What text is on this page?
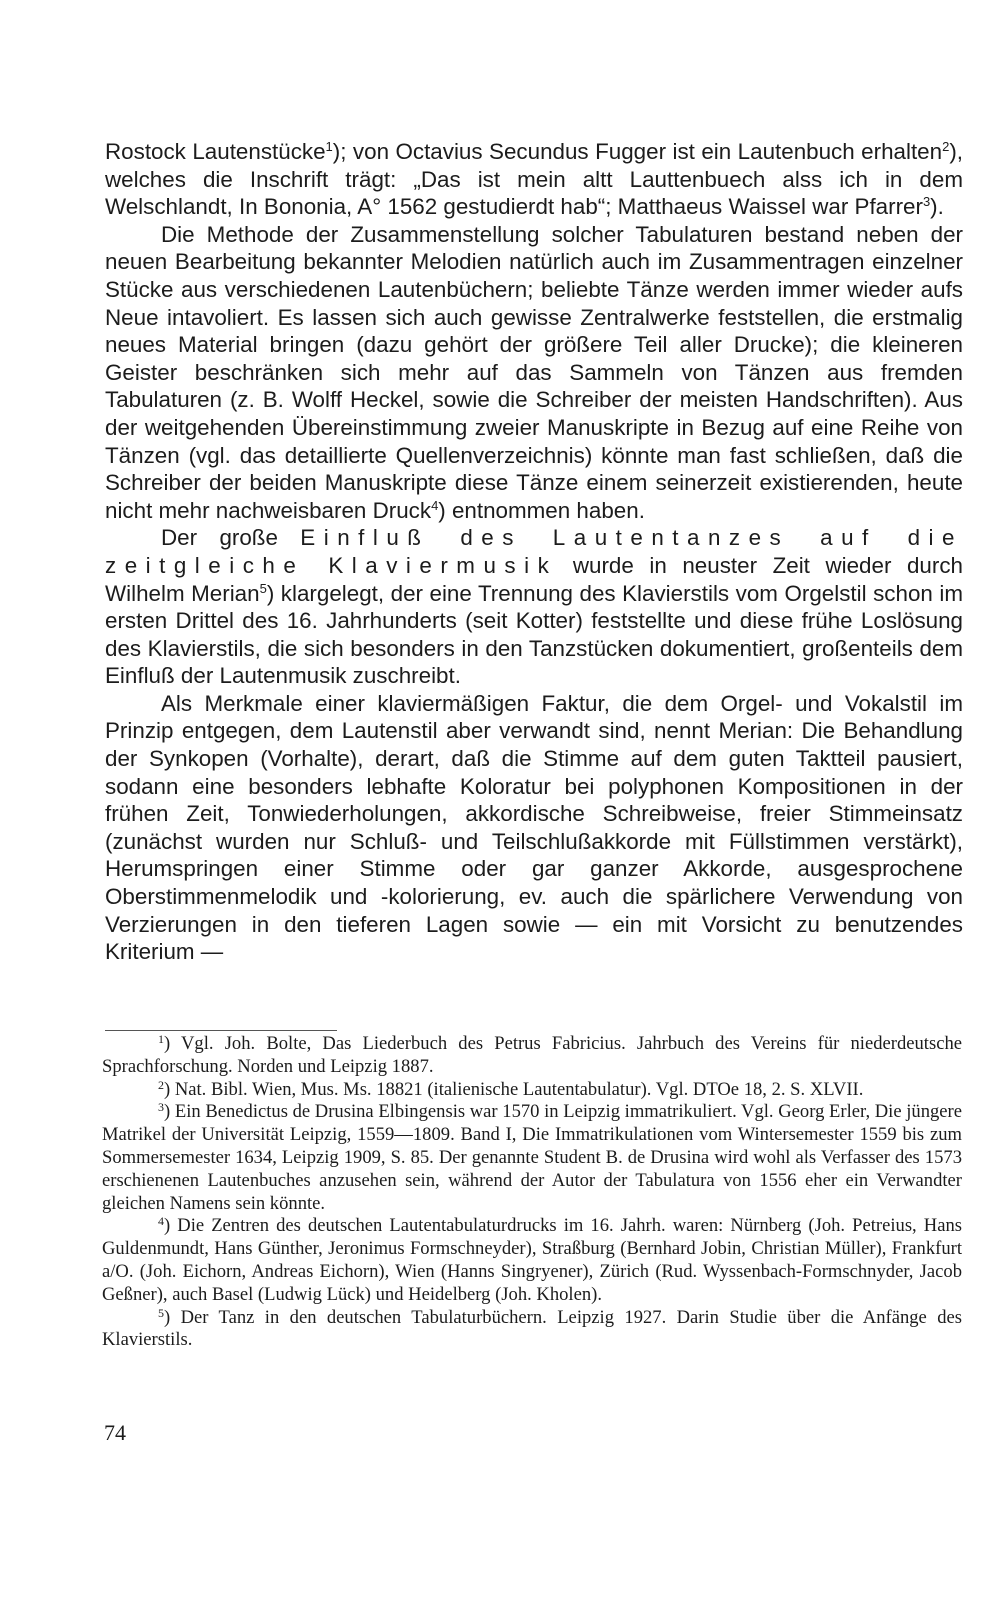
Rostock Lautenstücke$^1$); von Octavius Secundus Fugger ist ein Lautenbuch erhalten$^2$), welches die Inschrift trägt: „Das ist mein altt Lauttenbuech alss ich in dem Welschlandt, In Bononia, A° 1562 gestudierdt hab“; Matthaeus Waissel war Pfarrer$^3$).

Die Methode der Zusammenstellung solcher Tabulaturen bestand neben der neuen Bearbeitung bekannter Melodien natürlich auch im Zusammentragen einzelner Stücke aus verschiedenen Lautenbüchern; beliebte Tänze werden immer wieder aufs Neue intavoliert. Es lassen sich auch gewisse Zentralwerke feststellen, die erstmalig neues Material bringen (dazu gehört der größere Teil aller Drucke); die kleineren Geister beschränken sich mehr auf das Sammeln von Tänzen aus fremden Tabulaturen (z. B. Wolff Heckel, sowie die Schreiber der meisten Handschriften). Aus der weitgehenden Übereinstimmung zweier Manuskripte in Bezug auf eine Reihe von Tänzen (vgl. das detaillierte Quellenverzeichnis) könnte man fast schließen, daß die Schreiber der beiden Manuskripte diese Tänze einem seinerzeit existierenden, heute nicht mehr nachweisbaren Druck$^4$) entnommen haben.

Der große Einfluß des Lautentanzes auf die zeitgleiche Klaviermusik wurde in neuster Zeit wieder durch Wilhelm Merian$^5$) klargelegt, der eine Trennung des Klavierstils vom Orgelstil schon im ersten Drittel des 16. Jahrhunderts (seit Kotter) feststellte und diese frühe Loslösung des Klavierstils, die sich besonders in den Tanzstücken dokumentiert, großenteils dem Einfluß der Lautenmusik zuschreibt.

Als Merkmale einer klaviermäßigen Faktur, die dem Orgel- und Vokalstil im Prinzip entgegen, dem Lautenstil aber verwandt sind, nennt Merian: Die Behandlung der Synkopen (Vorhalte), derart, daß die Stimme auf dem guten Taktteil pausiert, sodann eine besonders lebhafte Koloratur bei polyphonen Kompositionen in der frühen Zeit, Tonwiederholungen, akkordische Schreibweise, freier Stimmeinsatz (zunächst wurden nur Schluß- und Teilschlußakkorde mit Füllstimmen verstärkt), Herumspringen einer Stimme oder gar ganzer Akkorde, ausgesprochene Oberstimmenmelodik und -kolorierung, ev. auch die spärlichere Verwendung von Verzierungen in den tieferen Lagen sowie — ein mit Vorsicht zu benutzendes Kriterium —

$^1$) Vgl. Joh. Bolte, Das Liederbuch des Petrus Fabricius. Jahrbuch des Vereins für niederdeutsche Sprachforschung. Norden und Leipzig 1887.

$^2$) Nat. Bibl. Wien, Mus. Ms. 18821 (italienische Lautentabulatur). Vgl. DTOe 18, 2. S. XLVII.

$^3$) Ein Benedictus de Drusina Elbingensis war 1570 in Leipzig immatrikuliert. Vgl. Georg Erler, Die jüngere Matrikel der Universität Leipzig, 1559—1809. Band I, Die Immatrikulationen vom Wintersemester 1559 bis zum Sommersemester 1634, Leipzig 1909, S. 85. Der genannte Student B. de Drusina wird wohl als Verfasser des 1573 erschienenen Lautenbuches anzusehen sein, während der Autor der Tabulatura von 1556 eher ein Verwandter gleichen Namens sein könnte.

$^4$) Die Zentren des deutschen Lautentabulaturdrucks im 16. Jahrh. waren: Nürnberg (Joh. Petreius, Hans Guldenmundt, Hans Günther, Jeronimus Formschneyder), Straßburg (Bernhard Jobin, Christian Müller), Frankfurt a/O. (Joh. Eichorn, Andreas Eichorn), Wien (Hanns Singryener), Zürich (Rud. Wyssenbach-Formschnyder, Jacob Geßner), auch Basel (Ludwig Lück) und Heidelberg (Joh. Kholen).

$^5$) Der Tanz in den deutschen Tabulaturbüchern. Leipzig 1927. Darin Studie über die Anfänge des Klavierstils.

74
